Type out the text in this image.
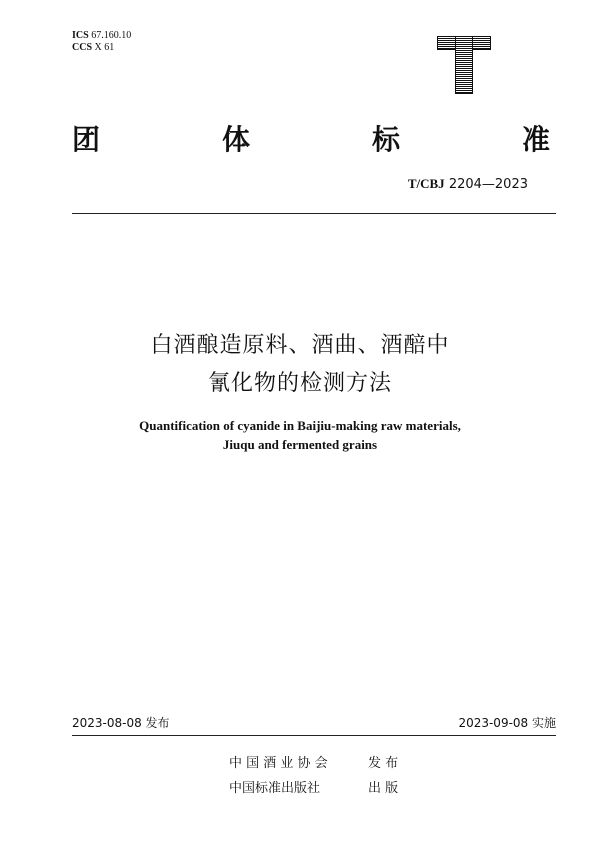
ICS 67.160.10
CCS X 61
团	体	标	准
T/CBJ 2204—2023
白酒酿造原料、酒曲、酒醅中
氰化物的检测方法
Quantification of cyanide in Baijiu-making raw materials,
Jiuqu and fermented grains
2023-08-08 发布	2023-09-08 实施
中 国 酒 业 协 会	发 布
中国标准出版社	出 版
